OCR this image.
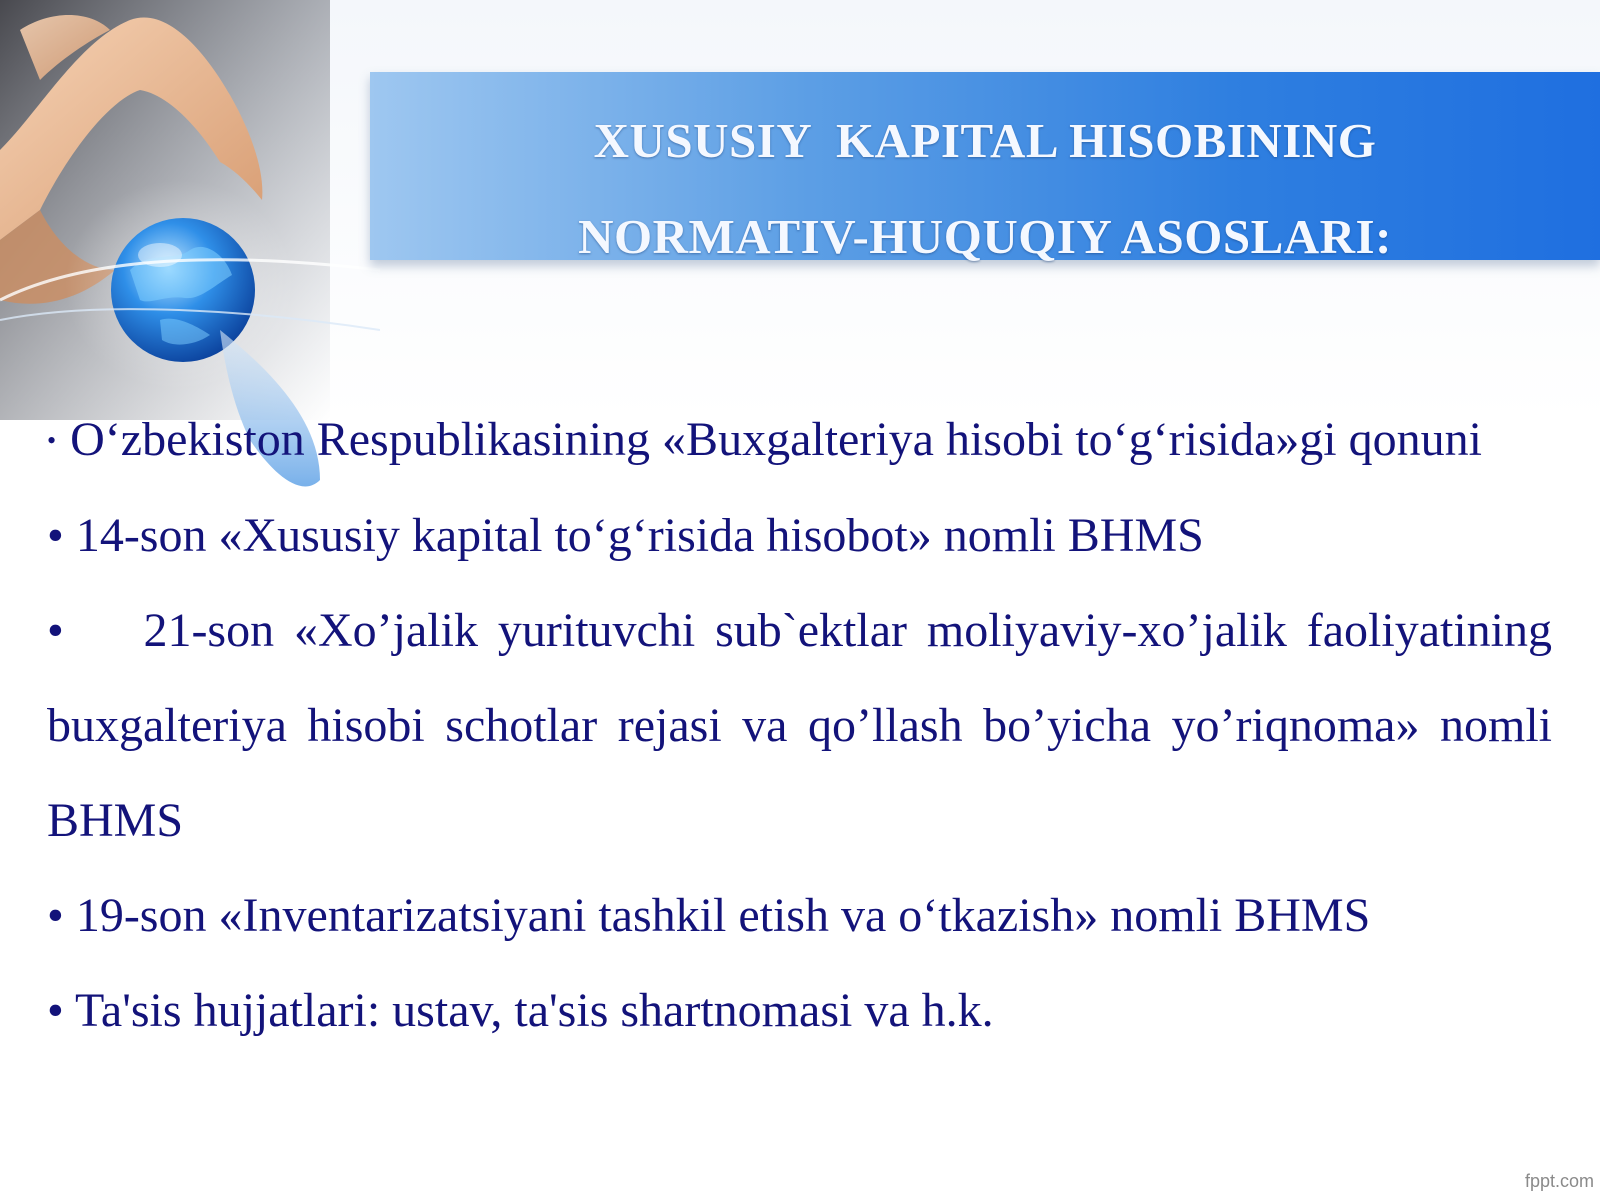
XUSUSIY  KAPITAL HISOBINING
NORMATIV-HUQUQIY ASOSLARI:

• O‘zbekiston Respublikasining «Buxgalteriya hisobi to‘g‘risida»gi qonuni

• 14-son «Xususiy kapital to‘g‘risida hisobot» nomli BHMS

• 21-son «Xo’jalik yurituvchi sub`ektlar moliyaviy-xo’jalik faoliyatining buxgalteriya hisobi schotlar rejasi va qo’llash bo’yicha yo’riqnoma» nomli BHMS

• 19-son «Inventarizatsiyani tashkil etish va o‘tkazish» nomli BHMS

• Ta'sis hujjatlari: ustav, ta'sis shartnomasi va h.k.

fppt.com
